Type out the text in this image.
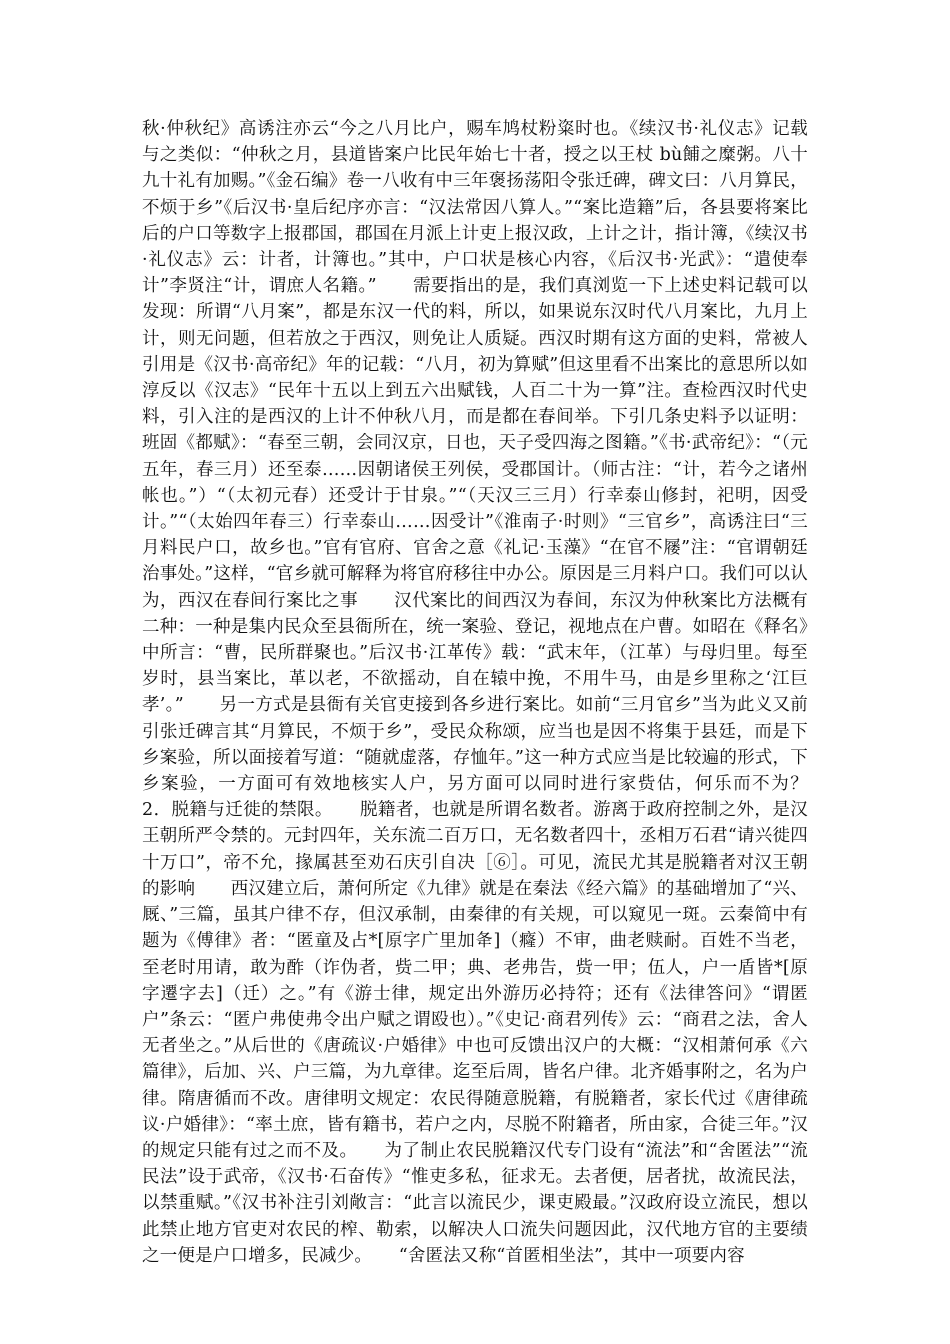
秋·仲秋纪》高诱注亦云“今之八月比户，赐车鸠杖粉粢时也。《续汉书·礼仪志》记载与之类似：“仲秋之月，县道皆案户比民年始七十者，授之以王杖 bù餔之糜粥。八十九十礼有加赐。”《金石编》卷一八收有中三年褒扬荡阳令张迁碑，碑文曰：八月算民，不烦于乡”《后汉书·皇后纪序亦言：“汉法常因八算人。”“案比造籍”后，各县要将案比后的户口等数字上报郡国，郡国在月派上计吏上报汉政，上计之计，指计簿，《续汉书·礼仪志》云：计者，计簿也。”其中，户口状是核心内容，《后汉书·光武》：“遣使奉计”李贤注“计，谓庶人名籍。”　　需要指出的是，我们真浏览一下上述史料记载可以发现：所谓“八月案”，都是东汉一代的料，所以，如果说东汉时代八月案比，九月上计，则无问题，但若放之于西汉，则免让人质疑。西汉时期有这方面的史料，常被人引用是《汉书·高帝纪》年的记载：“八月，初为算赋”但这里看不出案比的意思所以如淳反以《汉志》“民年十五以上到五六出赋钱，人百二十为一算”注。查检西汉时代史料，引入注的是西汉的上计不仲秋八月，而是都在春间举。下引几条史料予以证明：班固《都赋》：“春至三朝，会同汉京，日也，天子受四海之图籍。”《书·武帝纪》：“（元五年，春三月）还至泰……因朝诸侯王列侯，受郡国计。（师古注：“计，若今之诸州帐也。”）“（太初元春）还受计于甘泉。”“（天汉三三月）行幸泰山修封，祀明，因受计。”“（太始四年春三）行幸泰山……因受计”《淮南子·时则》“三官乡”，高诱注曰“三月料民户口，故乡也。”官有官府、官舍之意《礼记·玉藻》“在官不屦”注：“官谓朝廷治事处。”这样，“官乡就可解释为将官府移往中办公。原因是三月料户口。我们可以认为，西汉在春间行案比之事　　汉代案比的间西汉为春间，东汉为仲秋案比方法概有二种：一种是集内民众至县衙所在，统一案验、登记，视地点在户曹。如昭在《释名》中所言：“曹，民所群聚也。”后汉书·江革传》载：“武末年，（江革）与母归里。每至岁时，县当案比，革以老，不欲摇动，自在辕中挽，不用牛马，由是乡里称之‘江巨孝’。”　　另一方式是县衙有关官吏接到各乡进行案比。如前“三月官乡”当为此义又前引张迁碑言其“月算民，不烦于乡”，受民众称颂，应当也是因不将集于县廷，而是下乡案验，所以面接着写道：“随就虚落，存恤年。”这一种方式应当是比较遍的形式，下乡案验，一方面可有效地核实人户，另方面可以同时进行家赀估，何乐而不为？　　2．脱籍与迁徙的禁限。　　脱籍者，也就是所谓名数者。游离于政府控制之外，是汉王朝所严令禁的。元封四年，关东流二百万口，无名数者四十，丞相万石君“请兴徙四十万口”，帝不允，掾属甚至劝石庆引自决［⑥］。可见，流民尤其是脱籍者对汉王朝的影响　　西汉建立后，萧何所定《九律》就是在秦法《经六篇》的基础增加了“兴、厩、”三篇，虽其户律不存，但汉承制，由秦律的有关规，可以窥见一斑。云秦简中有题为《傅律》者：“匿童及占*[原字广里加夅]（癃）不审，曲老赎耐。百姓不当老，至老时用请，敢为酢（诈伪者，赀二甲；典、老弗告，赀一甲；伍人，户一盾皆*[原字遷字去]（迁）之。”有《游士律，规定出外游历必持符；还有《法律答问》“谓匿户”条云：“匿户弗使弗令出户赋之谓殴也）。”《史记·商君列传》云：“商君之法，舍人无者坐之。”从后世的《唐疏议·户婚律》中也可反馈出汉户的大概：“汉相萧何承《六篇律》，后加、兴、户三篇，为九章律。迄至后周，皆名户律。北齐婚事附之，名为户律。隋唐循而不改。唐律明文规定：农民得随意脱籍，有脱籍者，家长代过《唐律疏议·户婚律》：“率土庶，皆有籍书，若户之内，尽脱不附籍者，所由家，合徒三年。”汉的规定只能有过之而不及。　　为了制止农民脱籍汉代专门设有“流法”和“舍匿法”“流民法”设于武帝，《汉书·石奋传》“惟吏多私，征求无。去者便，居者扰，故流民法，以禁重赋。”《汉书补注引刘敞言：“此言以流民少，课吏殿最。”汉政府设立流民，想以此禁止地方官吏对农民的榨、勒索，以解决人口流失问题因此，汉代地方官的主要绩之一便是户口增多，民减少。　　“舍匿法又称“首匿相坐法”，其中一项要内容
